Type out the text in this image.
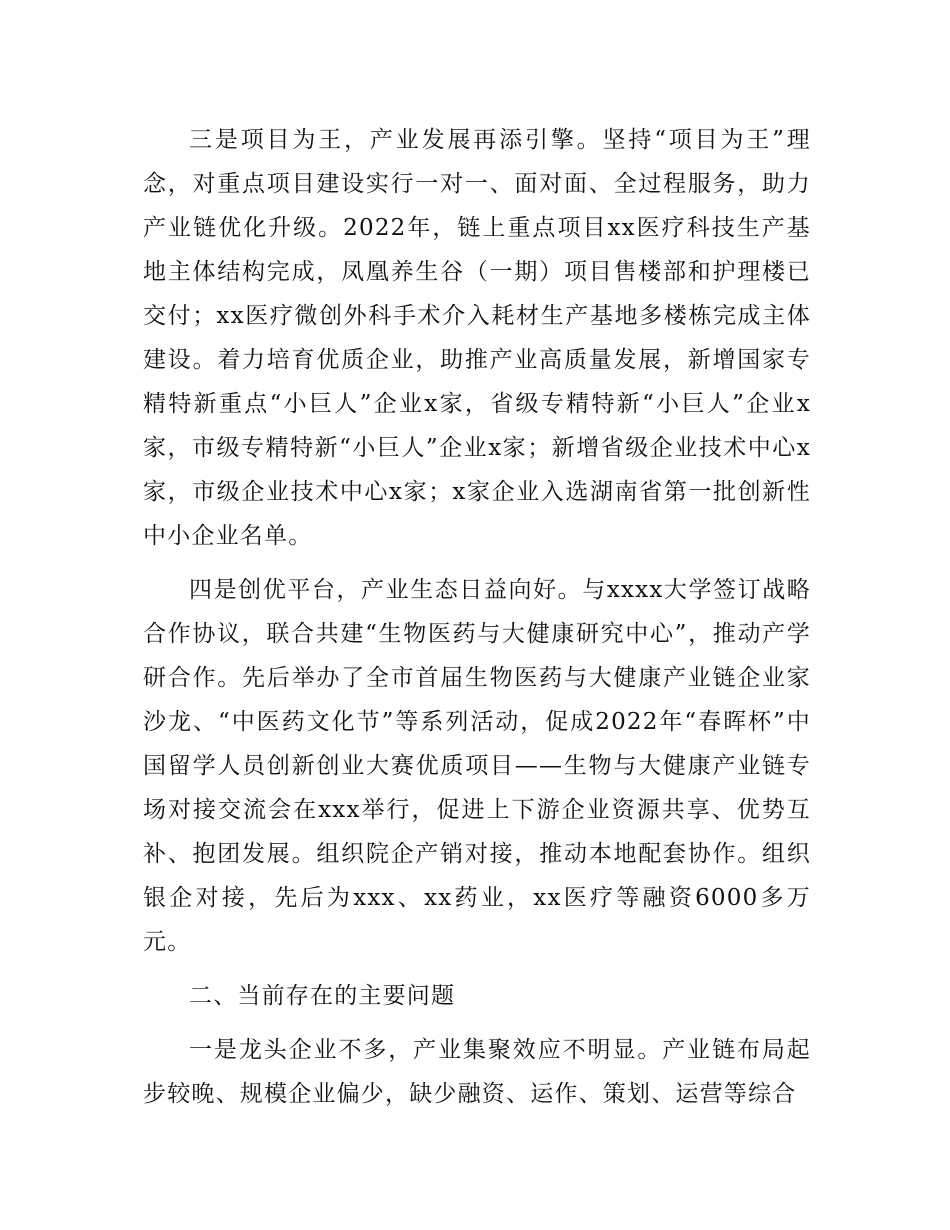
三是项目为王，产业发展再添引擎。坚持“项目为王”理念，对重点项目建设实行一对一、面对面、全过程服务，助力产业链优化升级。2022年，链上重点项目xx医疗科技生产基地主体结构完成，凤凰养生谷（一期）项目售楼部和护理楼已交付；xx医疗微创外科手术介入耗材生产基地多楼栋完成主体建设。着力培育优质企业，助推产业高质量发展，新增国家专精特新重点“小巨人”企业x家，省级专精特新“小巨人”企业x家，市级专精特新“小巨人”企业x家；新增省级企业技术中心x家，市级企业技术中心x家；x家企业入选湖南省第一批创新性中小企业名单。

四是创优平台，产业生态日益向好。与xxxx大学签订战略合作协议，联合共建“生物医药与大健康研究中心”，推动产学研合作。先后举办了全市首届生物医药与大健康产业链企业家沙龙、“中医药文化节”等系列活动，促成2022年“春晖杯”中国留学人员创新创业大赛优质项目——生物与大健康产业链专场对接交流会在xxx举行，促进上下游企业资源共享、优势互补、抱团发展。组织院企产销对接，推动本地配套协作。组织银企对接，先后为xxx、xx药业，xx医疗等融资6000多万元。

二、当前存在的主要问题

一是龙头企业不多，产业集聚效应不明显。产业链布局起步较晚、规模企业偏少，缺少融资、运作、策划、运营等综合
